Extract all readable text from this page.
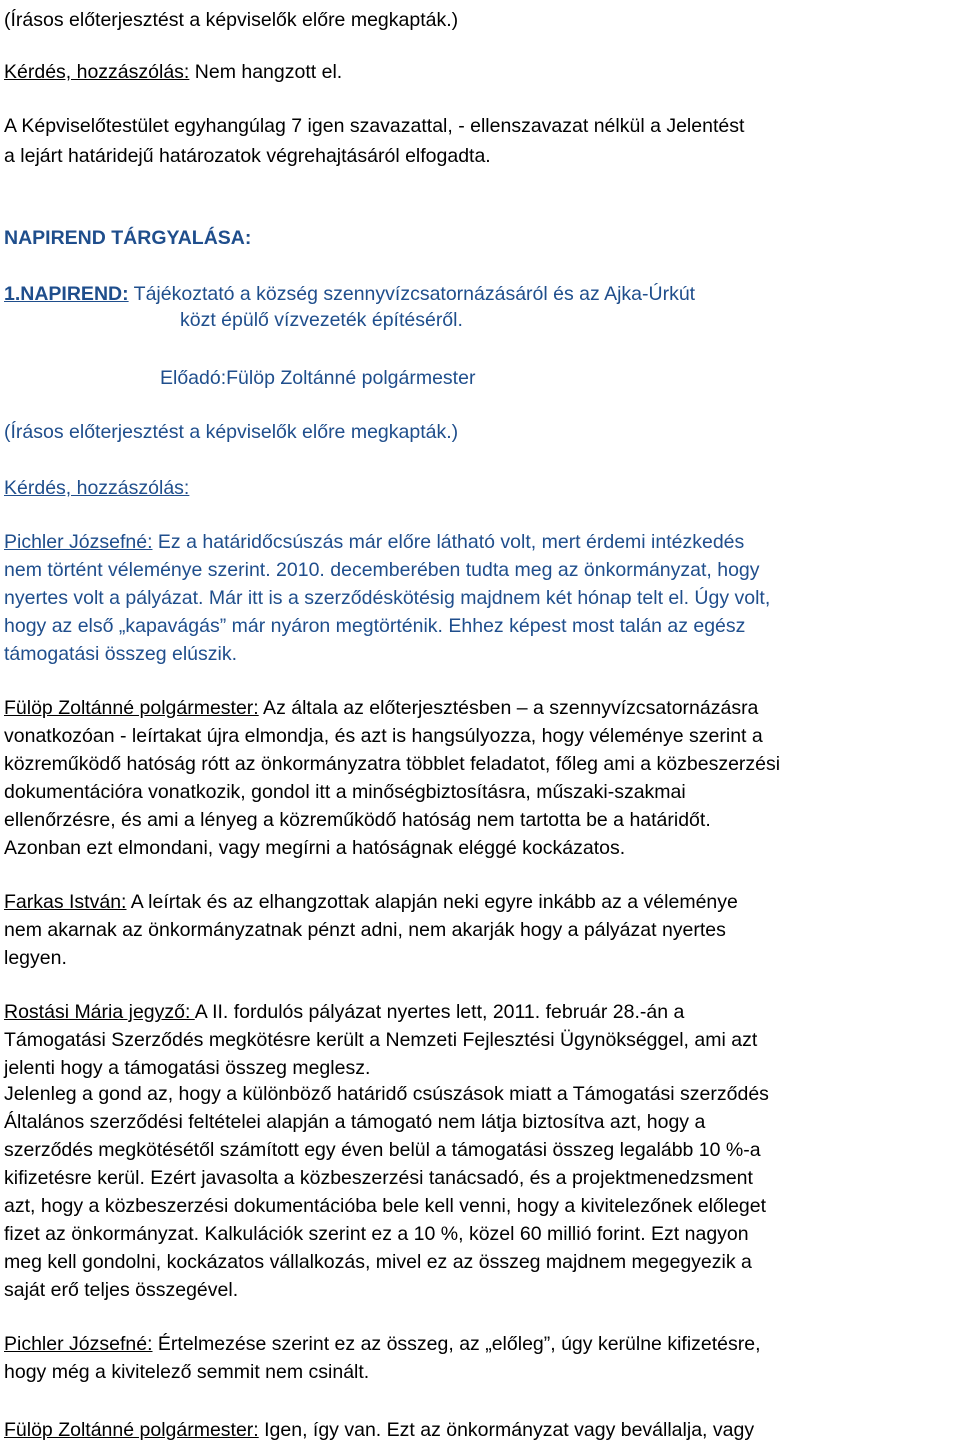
(Írásos előterjesztést a képviselők előre megkapták.)
Kérdés, hozzászólás: Nem hangzott el.
A Képviselőtestület egyhangúlag 7 igen szavazattal, - ellenszavazat nélkül a Jelentést
a lejárt határidejű határozatok végrehajtásáról elfogadta.
NAPIREND TÁRGYALÁSA:
1.NAPIREND: Tájékoztató a község szennyvízcsatornázásáról és az Ajka-Úrkút
közt épülő vízvezeték építéséről.
Előadó:Fülöp Zoltánné polgármester
(Írásos előterjesztést a képviselők előre megkapták.)
Kérdés, hozzászólás:
Pichler Józsefné: Ez a határidőcsúszás már előre látható volt, mert érdemi intézkedés
nem történt véleménye szerint. 2010. decemberében tudta meg az önkormányzat, hogy
nyertes volt a pályázat. Már itt is a szerződéskötésig majdnem két hónap telt el. Úgy volt,
hogy az első „kapavágás” már nyáron megtörténik. Ehhez képest most talán az egész
támogatási összeg elúszik.
Fülöp Zoltánné polgármester: Az általa az előterjesztésben – a szennyvízcsatornázásra
vonatkozóan - leírtakat újra elmondja, és azt is hangsúlyozza, hogy véleménye szerint a
közreműködő hatóság rótt az önkormányzatra többlet feladatot, főleg ami a közbeszerzési
dokumentációra vonatkozik, gondol itt a minőségbiztosításra, műszaki-szakmai
ellenőrzésre, és ami a lényeg a közreműködő hatóság nem tartotta be a határidőt.
Azonban ezt elmondani, vagy megírni a hatóságnak eléggé kockázatos.
Farkas István: A leírtak és az elhangzottak alapján neki egyre inkább az a véleménye
nem akarnak az önkormányzatnak pénzt adni, nem akarják hogy a pályázat nyertes
legyen.
Rostási Mária jegyző: A II. fordulós pályázat nyertes lett, 2011. február 28.-án a
Támogatási Szerződés megkötésre került a Nemzeti Fejlesztési Ügynökséggel, ami azt
jelenti hogy a támogatási összeg meglesz.
Jelenleg a gond az, hogy a különböző határidő csúszások miatt a Támogatási szerződés
Általános szerződési feltételei alapján a támogató nem látja biztosítva azt, hogy a
szerződés megkötésétől számított egy éven belül a támogatási összeg legalább 10 %-a
kifizetésre kerül. Ezért javasolta a közbeszerzési tanácsadó, és a projektmenedzsment
azt, hogy a közbeszerzési dokumentációba bele kell venni, hogy a kivitelezőnek előleget
fizet az önkormányzat. Kalkulációk szerint ez a 10 %, közel 60 millió forint. Ezt nagyon
meg kell gondolni, kockázatos vállalkozás, mivel ez az összeg majdnem megegyezik a
saját erő teljes összegével.
Pichler Józsefné: Értelmezése szerint ez az összeg, az „előleg”, úgy kerülne kifizetésre,
hogy még a kivitelező semmit nem csinált.
Fülöp Zoltánné polgármester: Igen, így van. Ezt az önkormányzat vagy bevállalja, vagy
